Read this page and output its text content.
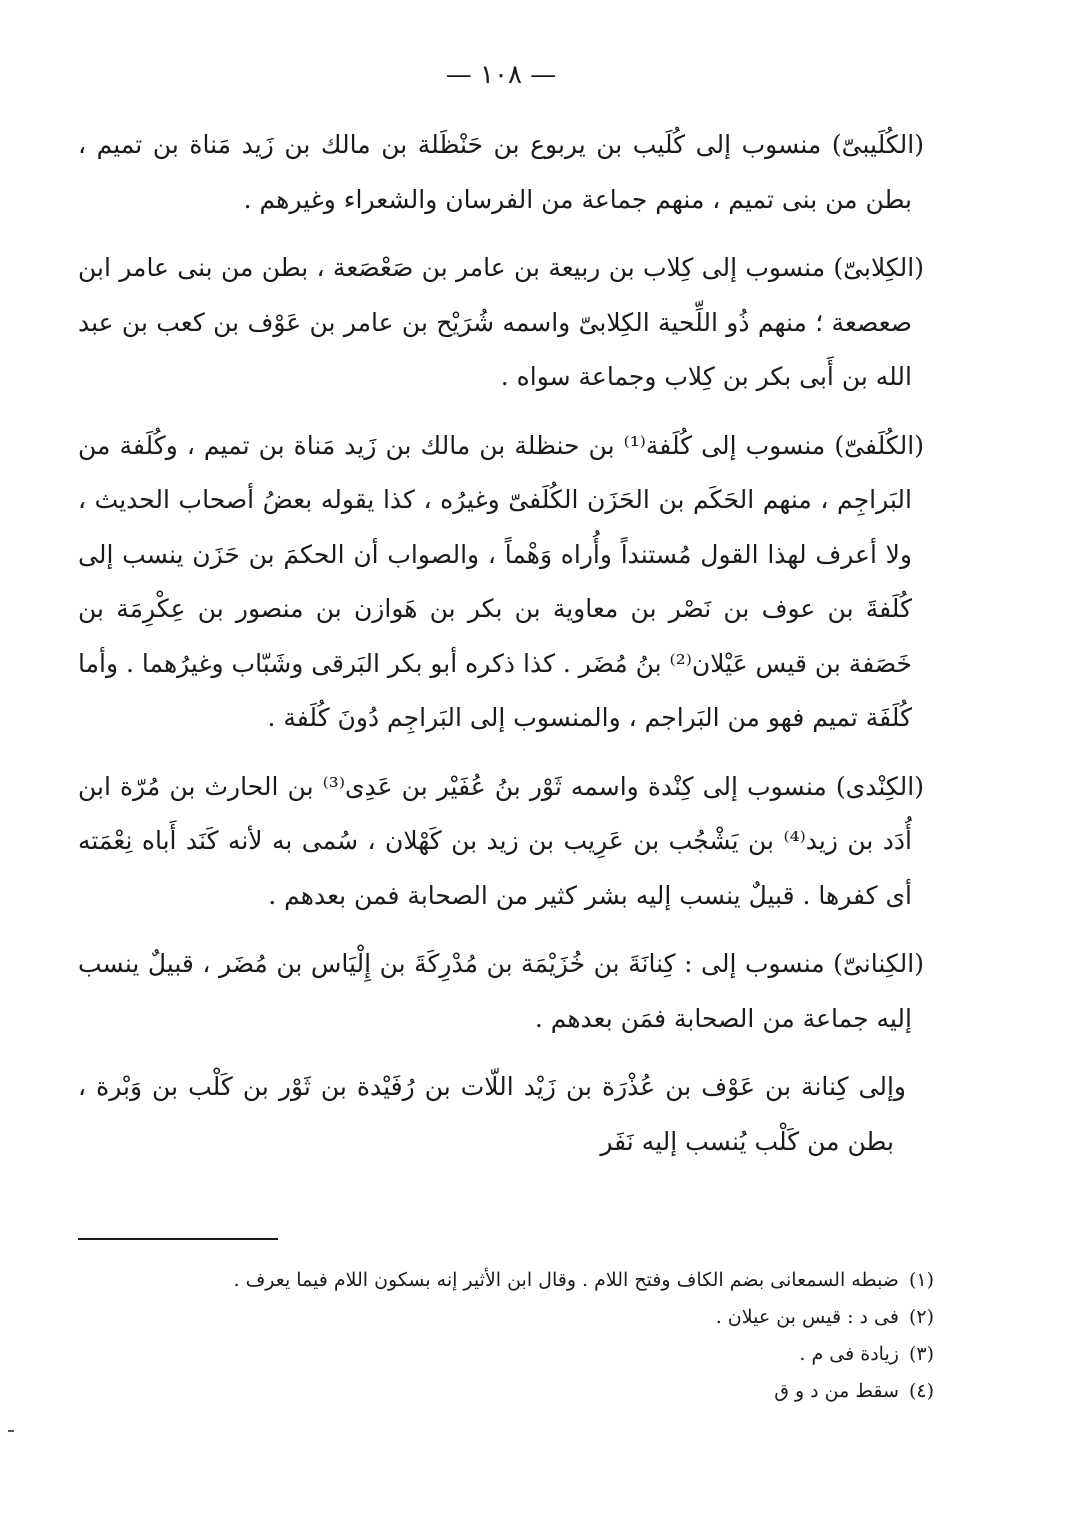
— ١٠٨ —

(الكُلَيبىّ) منسوب إلى كُلَيب بن يربوع بن حَنْظَلة بن مالك بن زَيد مَناة بن تميم ، بطن من بنى تميم ، منهم جماعة من الفرسان والشعراء وغيرهم .

(الكِلابىّ) منسوب إلى كِلاب بن ربيعة بن عامر بن صَعْصَعة ، بطن من بنى عامر ابن صعصعة ؛ منهم ذُو اللِّحية الكِلابىّ واسمه شُرَيْح بن عامر بن عَوْف بن كعب بن عبد الله بن أَبى بكر بن كِلاب وجماعة سواه .

(الكُلَفىّ) منسوب إلى كُلَفة⁽¹⁾ بن حنظلة بن مالك بن زَيد مَناة بن تميم ، وكُلَفة من البَراجِم ، منهم الحَكَم بن الحَزَن الكُلَفىّ وغيرُه ، كذا يقوله بعضُ أصحاب الحديث ، ولا أعرف لهذا القول مُستنداً وأُراه وَهْماً ، والصواب أن الحكمَ بن حَزَن ينسب إلى كُلَفةَ بن عوف بن نَصْر بن معاوية بن بكر بن هَوازن بن منصور بن عِكْرِمَة بن خَصَفة بن قيس عَيْلان⁽²⁾ بنُ مُضَر . كذا ذكره أبو بكر البَرقى وشَبّاب وغيرُهما . وأما كُلَفَة تميم فهو من البَراجم ، والمنسوب إلى البَراجِم دُونَ كُلَفة .

(الكِنْدى) منسوب إلى كِنْدة واسمه ثَوْر بنُ عُفَيْر بن عَدِى⁽³⁾ بن الحارث بن مُرّة ابن أُدَد بن زيد⁽⁴⁾ بن يَشْجُب بن عَرِيب بن زيد بن كَهْلان ، سُمى به لأنه كَنَد أَباه نِعْمَته أى كفرها . قبيلٌ ينسب إليه بشر كثير من الصحابة فمن بعدهم .

(الكِنانىّ) منسوب إلى : كِنانَةَ بن خُزَيْمَة بن مُدْرِكَةَ بن إِلْيَاس بن مُضَر ، قبيلٌ ينسب إليه جماعة من الصحابة فمَن بعدهم .

وإلى كِنانة بن عَوْف بن عُذْرَة بن زَيْد اللّات بن رُفَيْدة بن ثَوْر بن كَلْب بن وَبْرة ، بطن من كَلْب يُنسب إليه نَفَر

(١)ضبطه السمعانى بضم الكاف وفتح اللام . وقال ابن الأثير إنه بسكون اللام فيما يعرف .
(٢)فى د : قيس بن عيلان .
(٣)زيادة فى م .
(٤)سقط من د و ق
